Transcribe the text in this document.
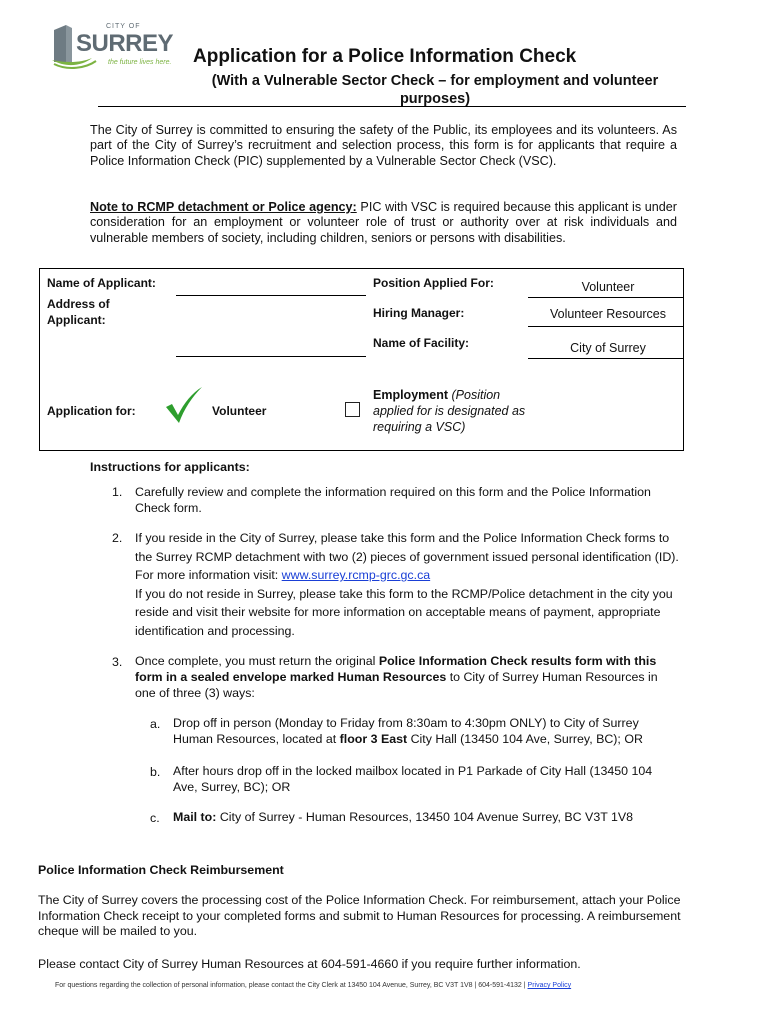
CITY OF
SURREY
the future lives here. Application for a Police Information Check
(With a Vulnerable Sector Check – for employment and volunteer purposes)
The City of Surrey is committed to ensuring the safety of the Public, its employees and its volunteers. As part of the City of Surrey’s recruitment and selection process, this form is for applicants that require a Police Information Check (PIC) supplemented by a Vulnerable Sector Check (VSC).
Note to RCMP detachment or Police agency: PIC with VSC is required because this applicant is under consideration for an employment or volunteer role of trust or authority over at risk individuals and vulnerable members of society, including children, seniors or persons with disabilities.
Name of Applicant:
Address of Applicant:
Position Applied For:	Volunteer
Hiring Manager:	Volunteer Resources
Name of Facility:	City of Surrey
Application for:	Volunteer
Employment (Position applied for is designated as requiring a VSC)
Instructions for applicants:
1. Carefully review and complete the information required on this form and the Police Information Check form.
2. If you reside in the City of Surrey, please take this form and the Police Information Check forms to the Surrey RCMP detachment with two (2) pieces of government issued personal identification (ID). For more information visit: www.surrey.rcmp-grc.gc.ca
If you do not reside in Surrey, please take this form to the RCMP/Police detachment in the city you reside and visit their website for more information on acceptable means of payment, appropriate identification and processing.
3. Once complete, you must return the original Police Information Check results form with this form in a sealed envelope marked Human Resources to City of Surrey Human Resources in one of three (3) ways:
a. Drop off in person (Monday to Friday from 8:30am to 4:30pm ONLY) to City of Surrey Human Resources, located at floor 3 East City Hall (13450 104 Ave, Surrey, BC); OR
b. After hours drop off in the locked mailbox located in P1 Parkade of City Hall (13450 104 Ave, Surrey, BC); OR
c. Mail to: City of Surrey - Human Resources, 13450 104 Avenue Surrey, BC V3T 1V8
Police Information Check Reimbursement
The City of Surrey covers the processing cost of the Police Information Check. For reimbursement, attach your Police Information Check receipt to your completed forms and submit to Human Resources for processing. A reimbursement cheque will be mailed to you.
Please contact City of Surrey Human Resources at 604-591-4660 if you require further information.
For questions regarding the collection of personal information, please contact the City Clerk at 13450 104 Avenue, Surrey, BC V3T 1V8 | 604-591-4132 | Privacy Policy
